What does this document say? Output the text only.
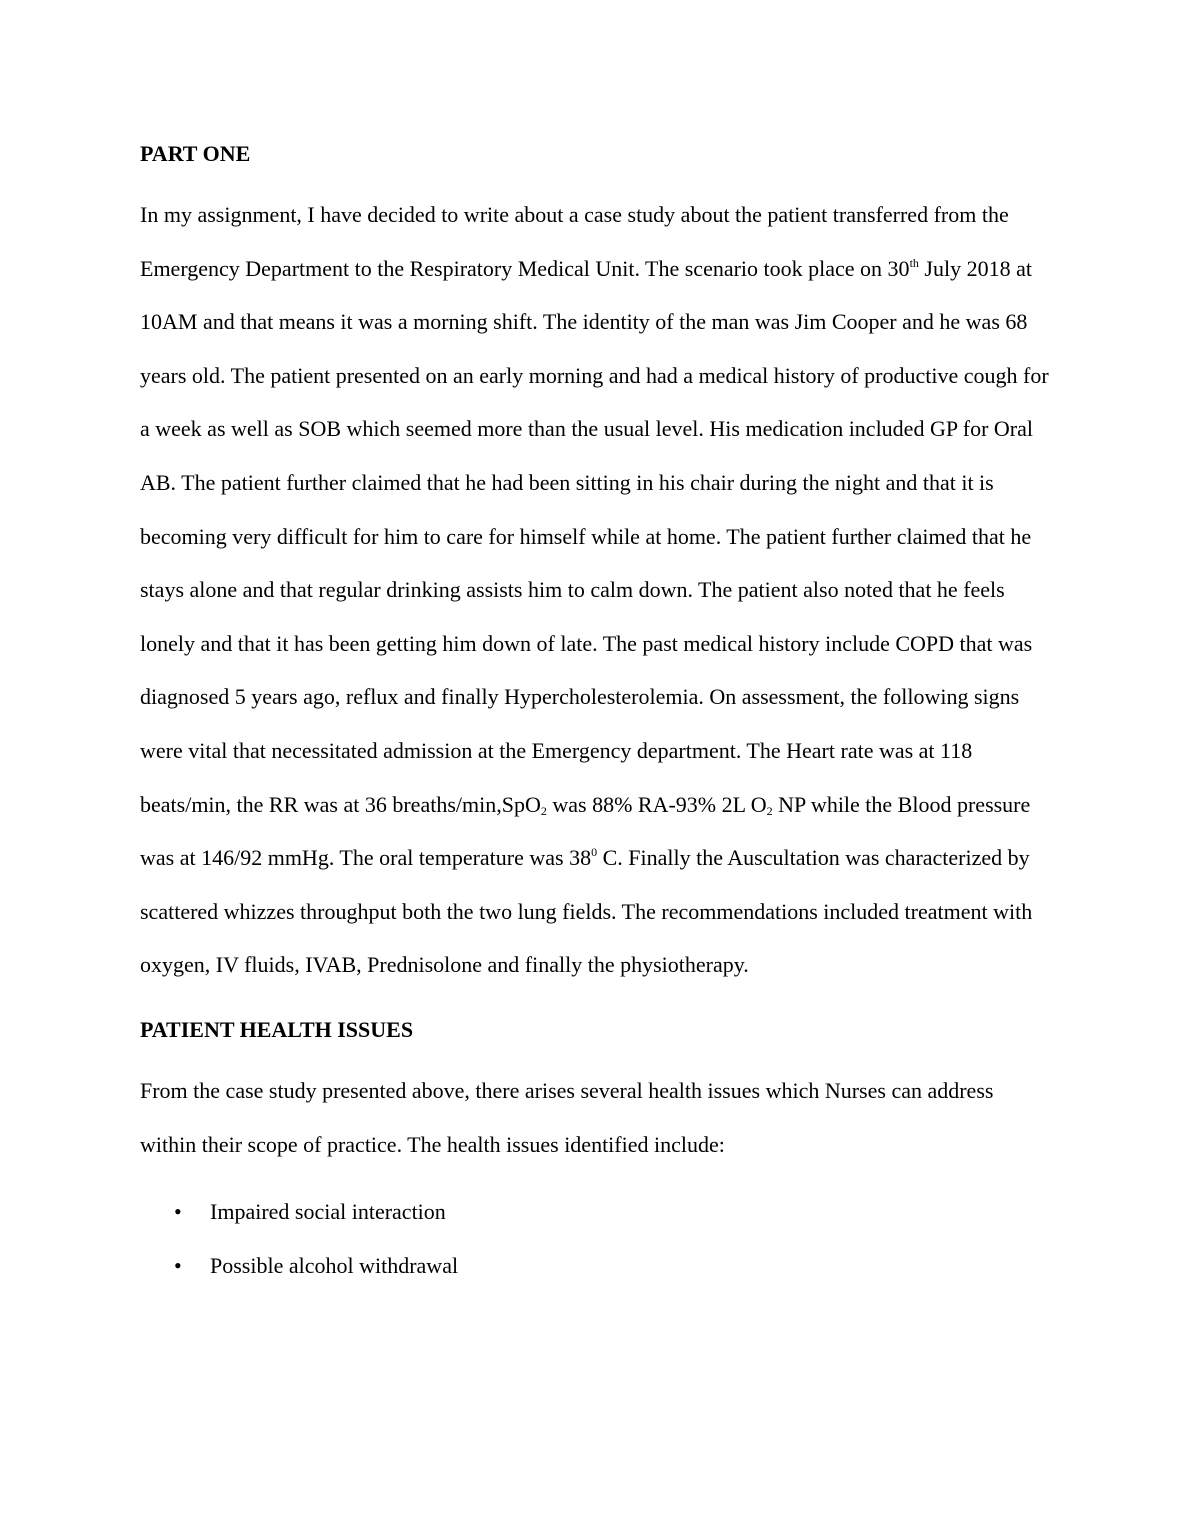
PART ONE

In my assignment, I have decided to write about a case study about the patient transferred from the Emergency Department to the Respiratory Medical Unit. The scenario took place on 30th July 2018 at 10AM and that means it was a morning shift. The identity of the man was Jim Cooper and he was 68 years old. The patient presented on an early morning and had a medical history of productive cough for a week as well as SOB which seemed more than the usual level. His medication included GP for Oral AB. The patient further claimed that he had been sitting in his chair during the night and that it is becoming very difficult for him to care for himself while at home. The patient further claimed that he stays alone and that regular drinking assists him to calm down. The patient also noted that he feels lonely and that it has been getting him down of late. The past medical history include COPD that was diagnosed 5 years ago, reflux and finally Hypercholesterolemia. On assessment, the following signs were vital that necessitated admission at the Emergency department. The Heart rate was at 118 beats/min, the RR was at 36 breaths/min,SpO$_2$ was 88% RA-93% 2L $O_2$ NP while the Blood pressure was at 146/92 mmHg. The oral temperature was $38^0$ C. Finally the Auscultation was characterized by scattered whizzes throughput both the two lung fields. The recommendations included treatment with oxygen, IV fluids, IVAB, Prednisolone and finally the physiotherapy.

PATIENT HEALTH ISSUES

From the case study presented above, there arises several health issues which Nurses can address within their scope of practice. The health issues identified include:

• Impaired social interaction
• Possible alcohol withdrawal
